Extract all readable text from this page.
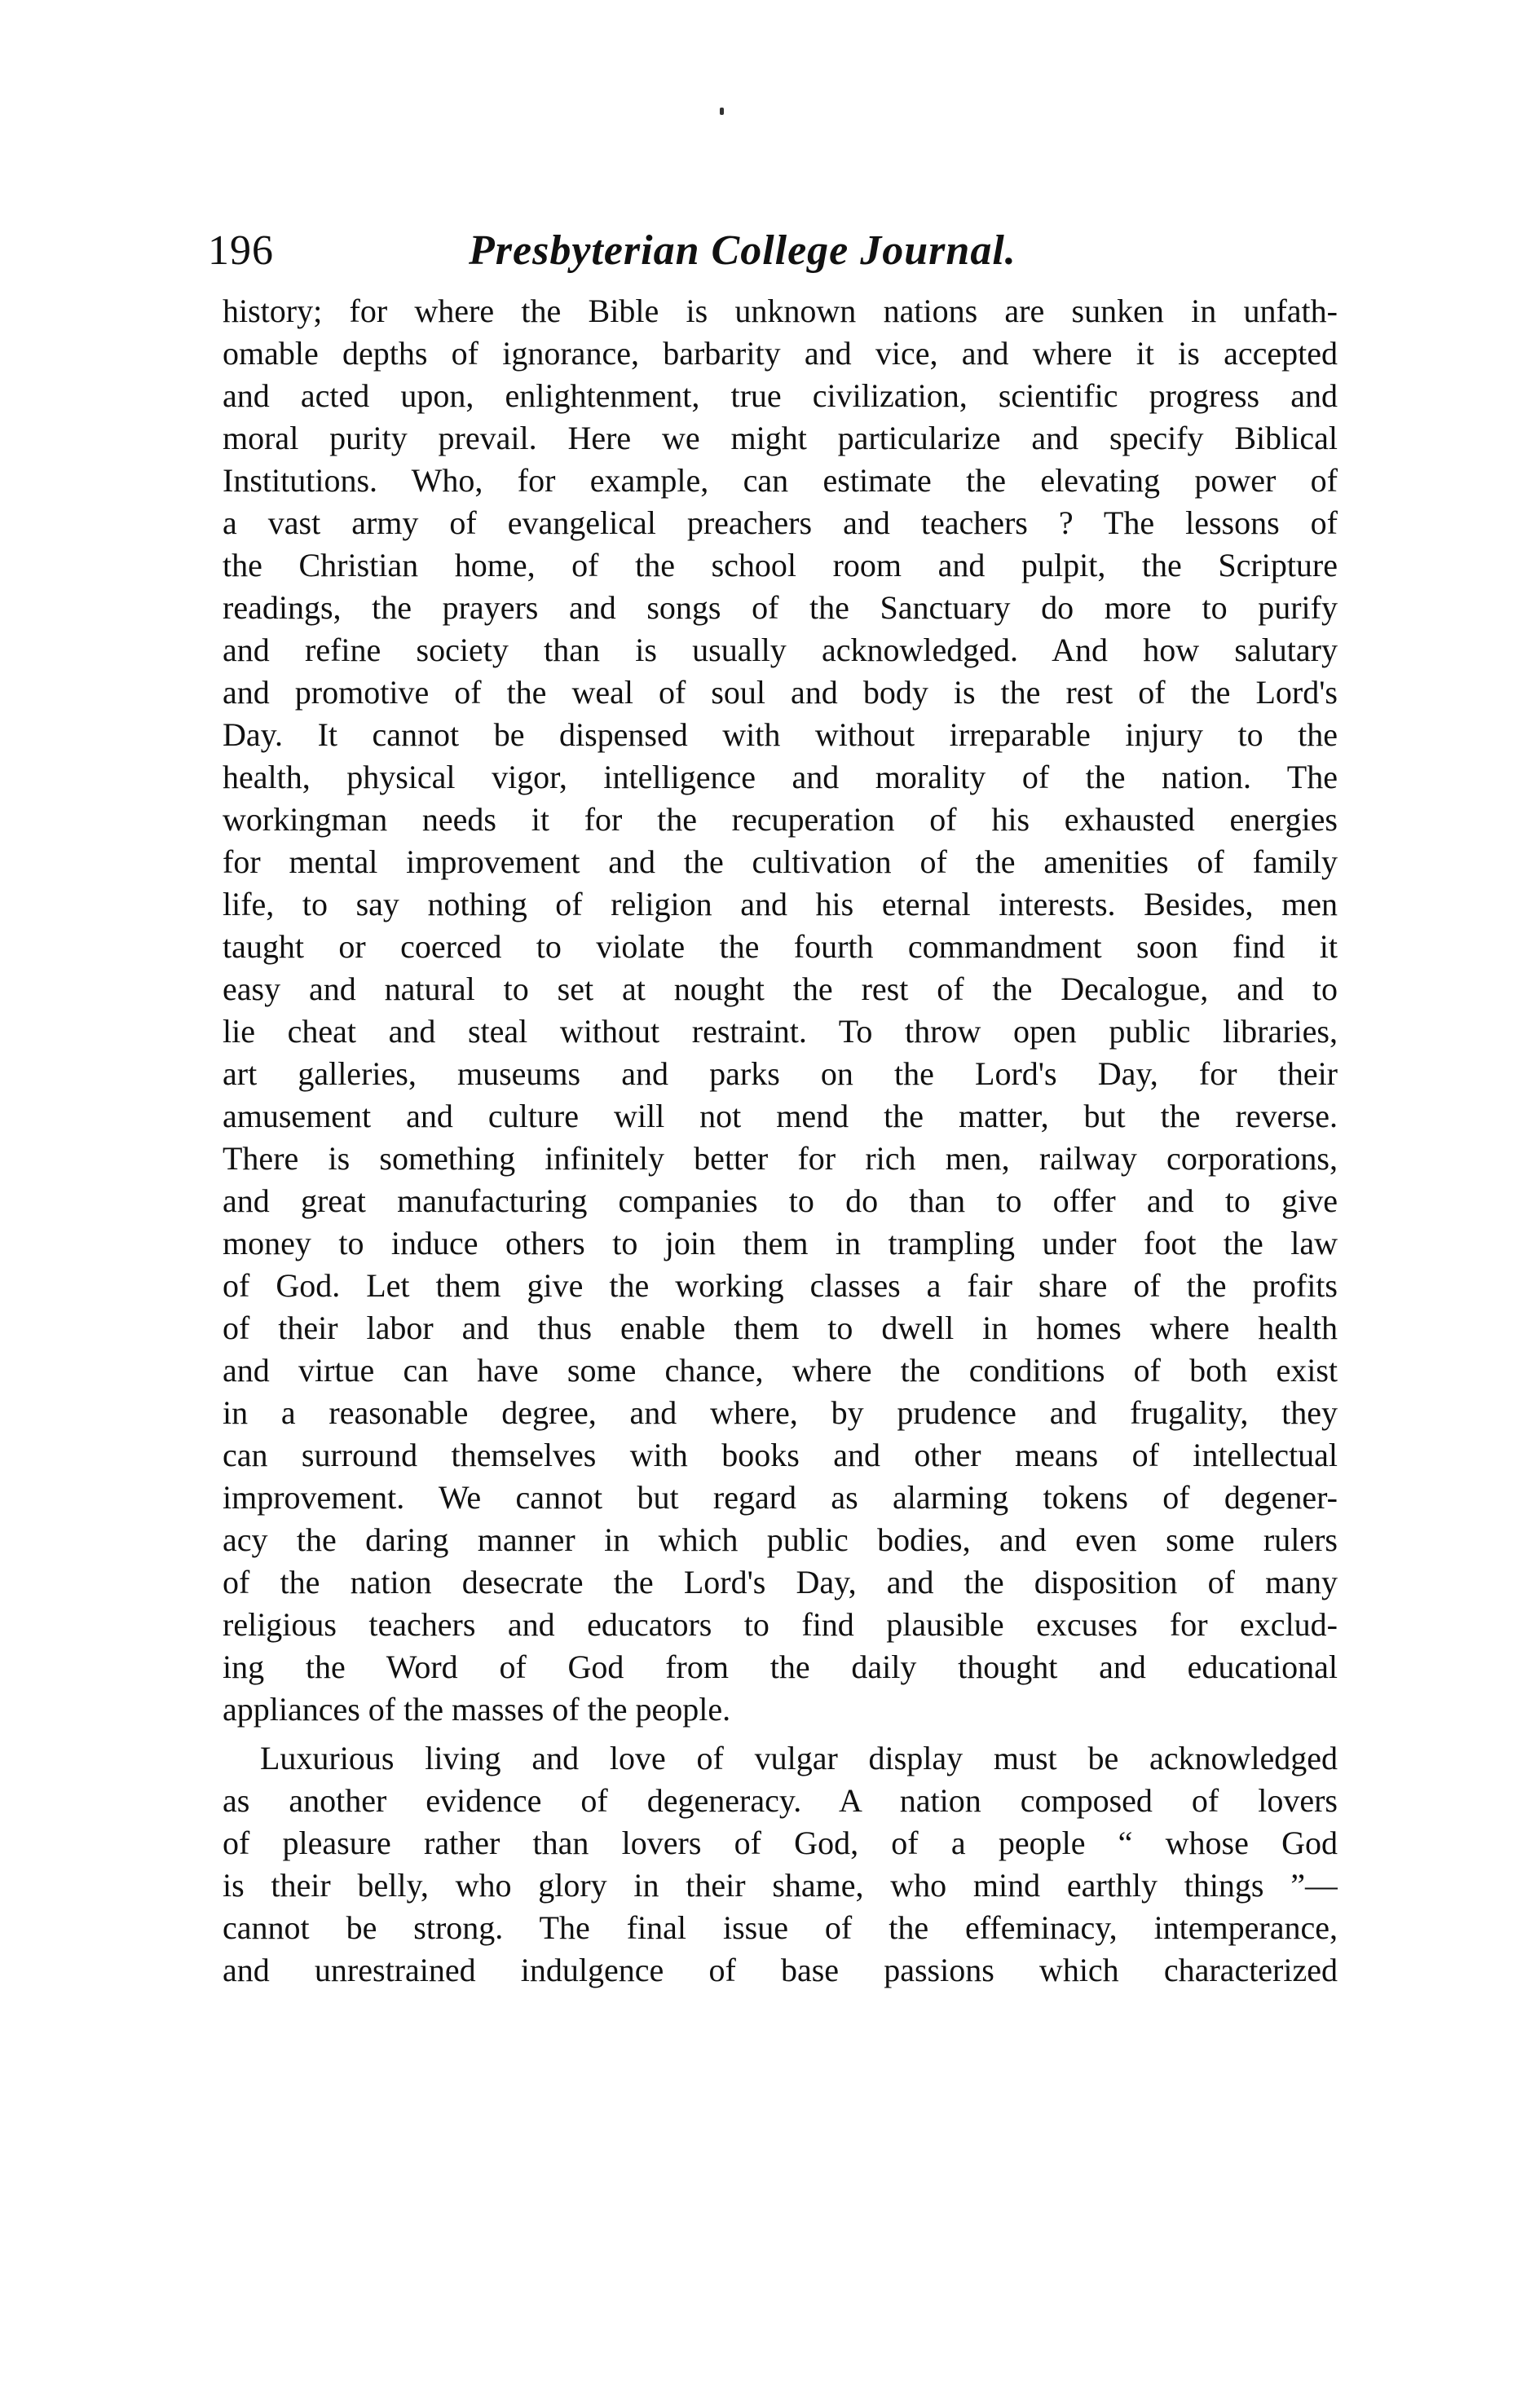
196	Presbyterian College Journal.
history; for where the Bible is unknown nations are sunken in unfath-
omable depths of ignorance, barbarity and vice, and where it is accepted
and acted upon, enlightenment, true civilization, scientific progress and
moral purity prevail. Here we might particularize and specify Biblical
Institutions. Who, for example, can estimate the elevating power of
a vast army of evangelical preachers and teachers ? The lessons of
the Christian home, of the school room and pulpit, the Scripture
readings, the prayers and songs of the Sanctuary do more to purify
and refine society than is usually acknowledged. And how salutary
and promotive of the weal of soul and body is the rest of the Lord's
Day. It cannot be dispensed with without irreparable injury to the
health, physical vigor, intelligence and morality of the nation. The
workingman needs it for the recuperation of his exhausted energies
for mental improvement and the cultivation of the amenities of family
life, to say nothing of religion and his eternal interests. Besides, men
taught or coerced to violate the fourth commandment soon find it
easy and natural to set at nought the rest of the Decalogue, and to
lie cheat and steal without restraint. To throw open public libraries,
art galleries, museums and parks on the Lord's Day, for their
amusement and culture will not mend the matter, but the reverse.
There is something infinitely better for rich men, railway corporations,
and great manufacturing companies to do than to offer and to give
money to induce others to join them in trampling under foot the law
of God. Let them give the working classes a fair share of the profits
of their labor and thus enable them to dwell in homes where health
and virtue can have some chance, where the conditions of both exist
in a reasonable degree, and where, by prudence and frugality, they
can surround themselves with books and other means of intellectual
improvement. We cannot but regard as alarming tokens of degener-
acy the daring manner in which public bodies, and even some rulers
of the nation desecrate the Lord's Day, and the disposition of many
religious teachers and educators to find plausible excuses for exclud-
ing the Word of God from the daily thought and educational
appliances of the masses of the people.
Luxurious living and love of vulgar display must be acknowledged
as another evidence of degeneracy. A nation composed of lovers
of pleasure rather than lovers of God, of a people “ whose God
is their belly, who glory in their shame, who mind earthly things ”—
cannot be strong. The final issue of the effeminacy, intemperance,
and unrestrained indulgence of base passions which characterized
